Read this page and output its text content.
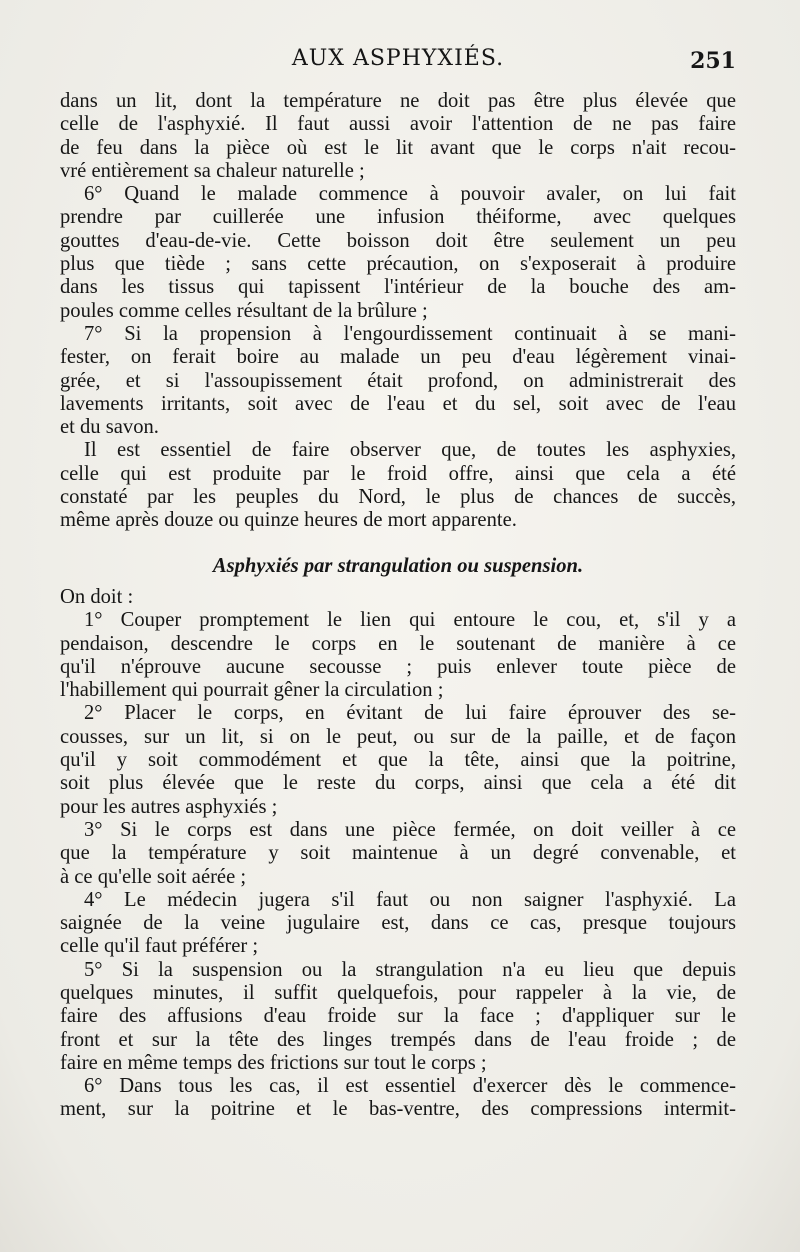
AUX ASPHYXIÉS.	251
dans un lit, dont la température ne doit pas être plus élevée que
celle de l'asphyxié. Il faut aussi avoir l'attention de ne pas faire
de feu dans la pièce où est le lit avant que le corps n'ait recou-
vré entièrement sa chaleur naturelle ;
6° Quand le malade commence à pouvoir avaler, on lui fait
prendre par cuillerée une infusion théiforme, avec quelques
gouttes d'eau-de-vie. Cette boisson doit être seulement un peu
plus que tiède ; sans cette précaution, on s'exposerait à produire
dans les tissus qui tapissent l'intérieur de la bouche des am-
poules comme celles résultant de la brûlure ;
7° Si la propension à l'engourdissement continuait à se mani-
fester, on ferait boire au malade un peu d'eau légèrement vinai-
grée, et si l'assoupissement était profond, on administrerait des
lavements irritants, soit avec de l'eau et du sel, soit avec de l'eau
et du savon.
Il est essentiel de faire observer que, de toutes les asphyxies,
celle qui est produite par le froid offre, ainsi que cela a été
constaté par les peuples du Nord, le plus de chances de succès,
même après douze ou quinze heures de mort apparente.
Asphyxiés par strangulation ou suspension.
On doit :
1° Couper promptement le lien qui entoure le cou, et, s'il y a
pendaison, descendre le corps en le soutenant de manière à ce
qu'il n'éprouve aucune secousse ; puis enlever toute pièce de
l'habillement qui pourrait gêner la circulation ;
2° Placer le corps, en évitant de lui faire éprouver des se-
cousses, sur un lit, si on le peut, ou sur de la paille, et de façon
qu'il y soit commodément et que la tête, ainsi que la poitrine,
soit plus élevée que le reste du corps, ainsi que cela a été dit
pour les autres asphyxiés ;
3° Si le corps est dans une pièce fermée, on doit veiller à ce
que la température y soit maintenue à un degré convenable, et
à ce qu'elle soit aérée ;
4° Le médecin jugera s'il faut ou non saigner l'asphyxié. La
saignée de la veine jugulaire est, dans ce cas, presque toujours
celle qu'il faut préférer ;
5° Si la suspension ou la strangulation n'a eu lieu que depuis
quelques minutes, il suffit quelquefois, pour rappeler à la vie, de
faire des affusions d'eau froide sur la face ; d'appliquer sur le
front et sur la tête des linges trempés dans de l'eau froide ; de
faire en même temps des frictions sur tout le corps ;
6° Dans tous les cas, il est essentiel d'exercer dès le commence-
ment, sur la poitrine et le bas-ventre, des compressions intermit-
